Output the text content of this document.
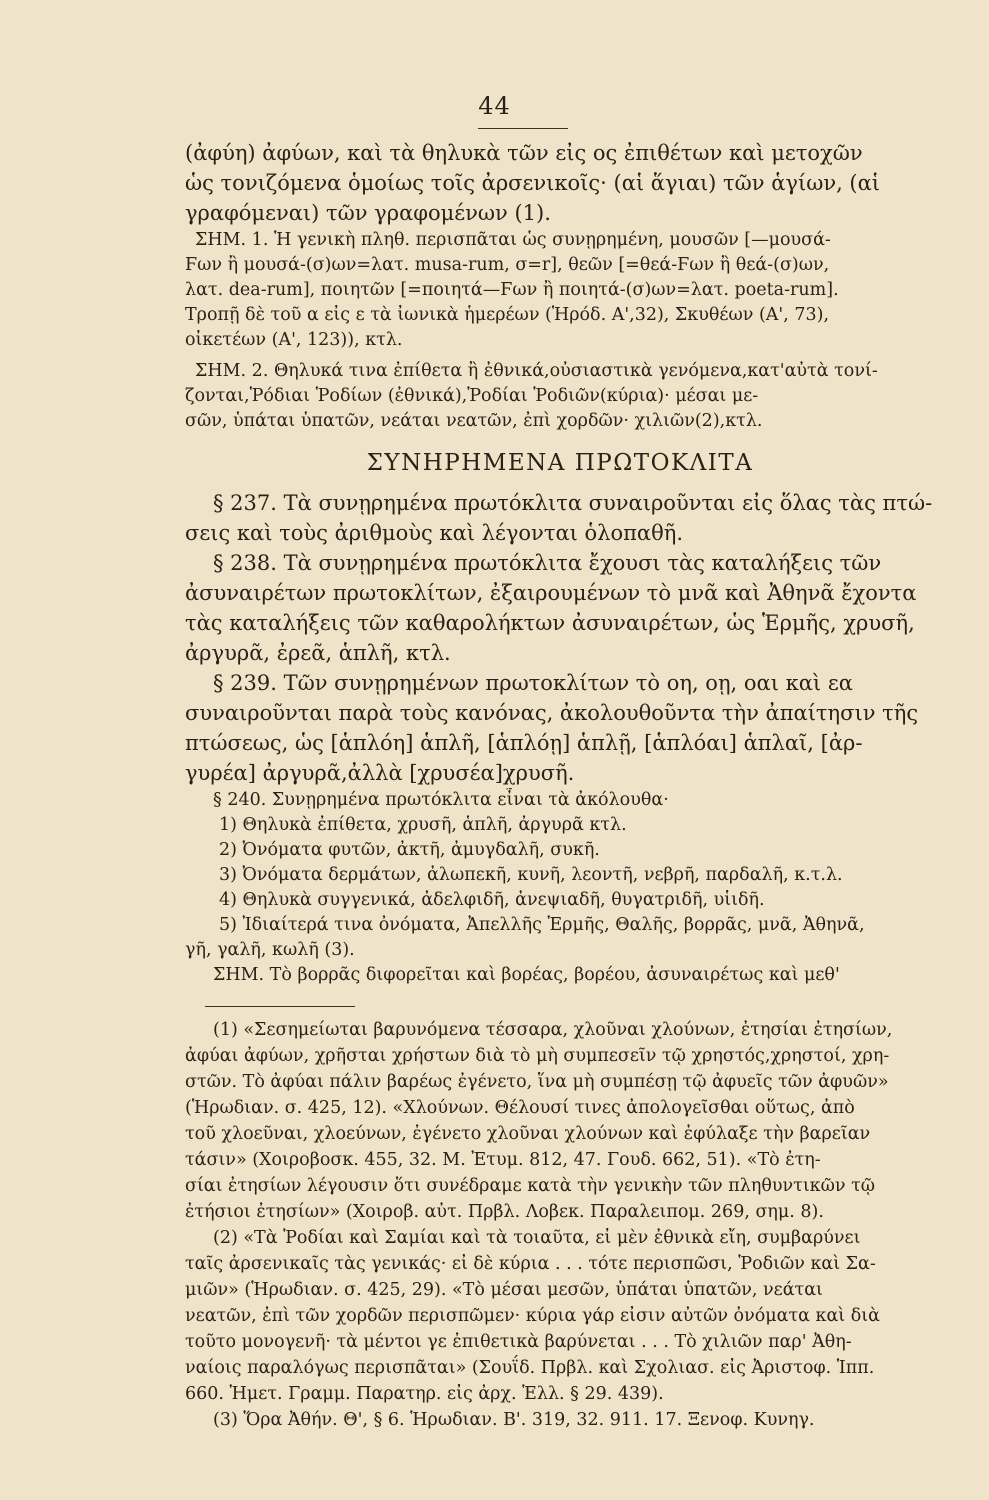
44
(ἀφύη) ἀφύων, καὶ τὰ θηλυκὰ τῶν εἰς ος ἐπιθέτων καὶ μετοχῶν
ὡς τονιζόμενα ὁμοίως τοῖς ἀρσενικοῖς· (αἱ ἅγιαι) τῶν ἁγίων, (αἱ
γραφόμεναι) τῶν γραφομένων (1).
ΣΗΜ. 1. Ἡ γενικὴ πληθ. περισπᾶται ὡς συνῃρημένη, μουσῶν [—μουσά-
Ϝων ἢ μουσά-(σ)ων=λατ. musa-rum, σ=r], θεῶν [=θεά-Ϝων ἢ θεά-(σ)ων,
λατ. dea-rum], ποιητῶν [=ποιητά—Ϝων ἢ ποιητά-(σ)ων=λατ. poeta-rum].
Τροπῇ δὲ τοῦ α εἰς ε τὰ ἰωνικὰ ἡμερέων (Ἡρόδ. Α',32), Σκυθέων (Α', 73),
οἰκετέων (Α', 123)), κτλ.
ΣΗΜ. 2. Θηλυκά τινα ἐπίθετα ἢ ἐθνικά,οὐσιαστικὰ γενόμενα,κατ'αὐτὰ τονί-
ζονται,Ῥόδιαι Ῥοδίων (ἐθνικά),Ῥοδίαι Ῥοδιῶν(κύρια)· μέσαι με-
σῶν, ὑπάται ὑπατῶν, νεάται νεατῶν, ἐπὶ χορδῶν· χιλιῶν(2),κτλ.
ΣΥΝΗΡΗΜΕΝΑ ΠΡΩΤΟΚΛΙΤΑ
§ 237. Τὰ συνῃρημένα πρωτόκλιτα συναιροῦνται εἰς ὅλας τὰς πτώ-
σεις καὶ τοὺς ἀριθμοὺς καὶ λέγονται ὁλοπαθῆ.
§ 238. Τὰ συνῃρημένα πρωτόκλιτα ἔχουσι τὰς καταλήξεις τῶν
ἀσυναιρέτων πρωτοκλίτων, ἐξαιρουμένων τὸ μνᾶ καὶ Ἀθηνᾶ ἔχοντα
τὰς καταλήξεις τῶν καθαρολήκτων ἀσυναιρέτων, ὡς Ἑρμῆς, χρυσῆ,
ἀργυρᾶ, ἐρεᾶ, ἁπλῆ, κτλ.
§ 239. Τῶν συνῃρημένων πρωτοκλίτων τὸ οη, οῃ, οαι καὶ εα
συναιροῦνται παρὰ τοὺς κανόνας, ἀκολουθοῦντα τὴν ἀπαίτησιν τῆς
πτώσεως, ὡς [ἁπλόη] ἁπλῆ, [ἁπλόῃ] ἁπλῇ, [ἁπλόαι] ἁπλαῖ, [ἀρ-
γυρέα] ἀργυρᾶ,ἀλλὰ [χρυσέα]χρυσῆ.
§ 240. Συνῃρημένα πρωτόκλιτα εἶναι τὰ ἀκόλουθα·
1) Θηλυκὰ ἐπίθετα, χρυσῆ, ἁπλῆ, ἀργυρᾶ κτλ.
2) Ὀνόματα φυτῶν, ἀκτῆ, ἀμυγδαλῆ, συκῆ.
3) Ὀνόματα δερμάτων, ἀλωπεκῆ, κυνῆ, λεοντῆ, νεβρῆ, παρδαλῆ, κ.τ.λ.
4) Θηλυκὰ συγγενικά, ἀδελφιδῆ, ἀνεψιαδῆ, θυγατριδῆ, υἱιδῆ.
5) Ἰδιαίτερά τινα ὀνόματα, Ἀπελλῆς Ἑρμῆς, Θαλῆς, βορρᾶς, μνᾶ, Ἀθηνᾶ,
γῆ, γαλῆ, κωλῆ (3).
ΣΗΜ. Τὸ βορρᾶς διφορεῖται καὶ βορέας, βορέου, ἀσυναιρέτως καὶ μεθ'
(1) «Σεσημείωται βαρυνόμενα τέσσαρα, χλοῦναι χλούνων, ἐτησίαι ἐτησίων,
ἀφύαι ἀφύων, χρῆσται χρήστων διὰ τὸ μὴ συμπεσεῖν τῷ χρηστός,χρηστοί, χρη-
στῶν. Τὸ ἀφύαι πάλιν βαρέως ἐγένετο, ἵνα μὴ συμπέσῃ τῷ ἀφυεῖς τῶν ἀφυῶν»
(Ἡρωδιαν. σ. 425, 12). «Χλούνων. Θέλουσί τινες ἀπολογεῖσθαι οὕτως, ἀπὸ
τοῦ χλοεῦναι, χλοεύνων, ἐγένετο χλοῦναι χλούνων καὶ ἐφύλαξε τὴν βαρεῖαν
τάσιν» (Χοιροβοσκ. 455, 32. Μ. Ἐτυμ. 812, 47. Γουδ. 662, 51). «Τὸ ἐτη-
σίαι ἐτησίων λέγουσιν ὅτι συνέδραμε κατὰ τὴν γενικὴν τῶν πληθυντικῶν τῷ
ἐτήσιοι ἐτησίων» (Χοιροβ. αὐτ. Πρβλ. Λοβεκ. Παραλειπομ. 269, σημ. 8).
(2) «Τὰ Ῥοδίαι καὶ Σαμίαι καὶ τὰ τοιαῦτα, εἰ μὲν ἐθνικὰ εἴη, συμβαρύνει
ταῖς ἀρσενικαῖς τὰς γενικάς· εἰ δὲ κύρια . . . τότε περισπῶσι, Ῥοδιῶν καὶ Σα-
μιῶν» (Ἡρωδιαν. σ. 425, 29). «Τὸ μέσαι μεσῶν, ὑπάται ὑπατῶν, νεάται
νεατῶν, ἐπὶ τῶν χορδῶν περισπῶμεν· κύρια γάρ εἰσιν αὐτῶν ὀνόματα καὶ διὰ
τοῦτο μονογενῆ· τὰ μέντοι γε ἐπιθετικὰ βαρύνεται . . . Τὸ χιλιῶν παρ' Ἀθη-
ναίοις παραλόγως περισπᾶται» (Σουΐδ. Πρβλ. καὶ Σχολιασ. εἰς Ἀριστοφ. Ἱππ.
660. Ἡμετ. Γραμμ. Παρατηρ. εἰς ἀρχ. Ἑλλ. § 29. 439).
(3) Ὅρα Ἀθήν. Θ', § 6. Ἡρωδιαν. Β'. 319, 32. 911. 17. Ξενοφ. Κυνηγ.
